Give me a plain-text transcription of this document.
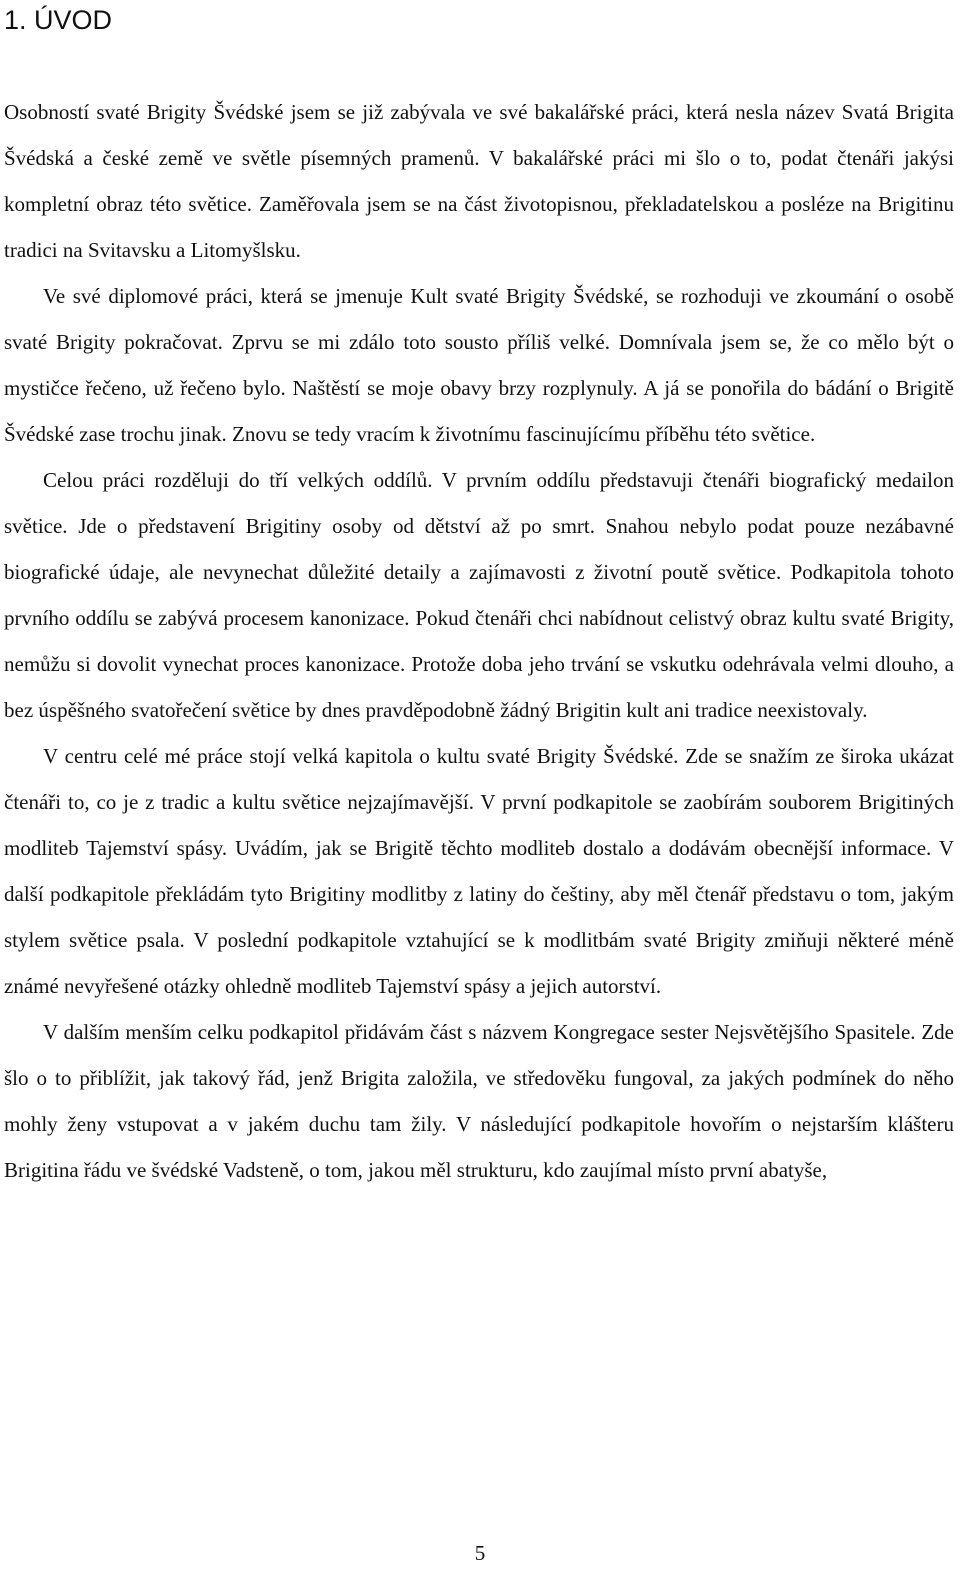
1. ÚVOD

Osobností svaté Brigity Švédské jsem se již zabývala ve své bakalářské práci, která nesla název Svatá Brigita Švédská a české země ve světle písemných pramenů. V bakalářské práci mi šlo o to, podat čtenáři jakýsi kompletní obraz této světice. Zaměřovala jsem se na část životopisnou, překladatelskou a posléze na Brigitinu tradici na Svitavsku a Litomyšlsku.

Ve své diplomové práci, která se jmenuje Kult svaté Brigity Švédské, se rozhoduji ve zkoumání o osobě svaté Brigity pokračovat. Zprvu se mi zdálo toto sousto příliš velké. Domnívala jsem se, že co mělo být o mystičce řečeno, už řečeno bylo. Naštěstí se moje obavy brzy rozplynuly. A já se ponořila do bádání o Brigitě Švédské zase trochu jinak. Znovu se tedy vracím k životnímu fascinujícímu příběhu této světice.

Celou práci rozděluji do tří velkých oddílů. V prvním oddílu představuji čtenáři biografický medailon světice. Jde o představení Brigitiny osoby od dětství až po smrt. Snahou nebylo podat pouze nezábavné biografické údaje, ale nevynechat důležité detaily a zajímavosti z životní poutě světice. Podkapitola tohoto prvního oddílu se zabývá procesem kanonizace. Pokud čtenáři chci nabídnout celistvý obraz kultu svaté Brigity, nemůžu si dovolit vynechat proces kanonizace. Protože doba jeho trvání se vskutku odehrávala velmi dlouho, a bez úspěšného svatořečení světice by dnes pravděpodobně žádný Brigitin kult ani tradice neexistovaly.

V centru celé mé práce stojí velká kapitola o kultu svaté Brigity Švédské. Zde se snažím ze široka ukázat čtenáři to, co je z tradic a kultu světice nejzajímavější. V první podkapitole se zaobírám souborem Brigitiných modliteb Tajemství spásy. Uvádím, jak se Brigitě těchto modliteb dostalo a dodávám obecnější informace. V další podkapitole překládám tyto Brigitiny modlitby z latiny do češtiny, aby měl čtenář představu o tom, jakým stylem světice psala. V poslední podkapitole vztahující se k modlitbám svaté Brigity zmiňuji některé méně známé nevyřešené otázky ohledně modliteb Tajemství spásy a jejich autorství.

V dalším menším celku podkapitol přidávám část s názvem Kongregace sester Nejsvětějšího Spasitele. Zde šlo o to přiblížit, jak takový řád, jenž Brigita založila, ve středověku fungoval, za jakých podmínek do něho mohly ženy vstupovat a v jakém duchu tam žily. V následující podkapitole hovořím o nejstarším klášteru Brigitina řádu ve švédské Vadsteně, o tom, jakou měl strukturu, kdo zaujímal místo první abatyše,

5
